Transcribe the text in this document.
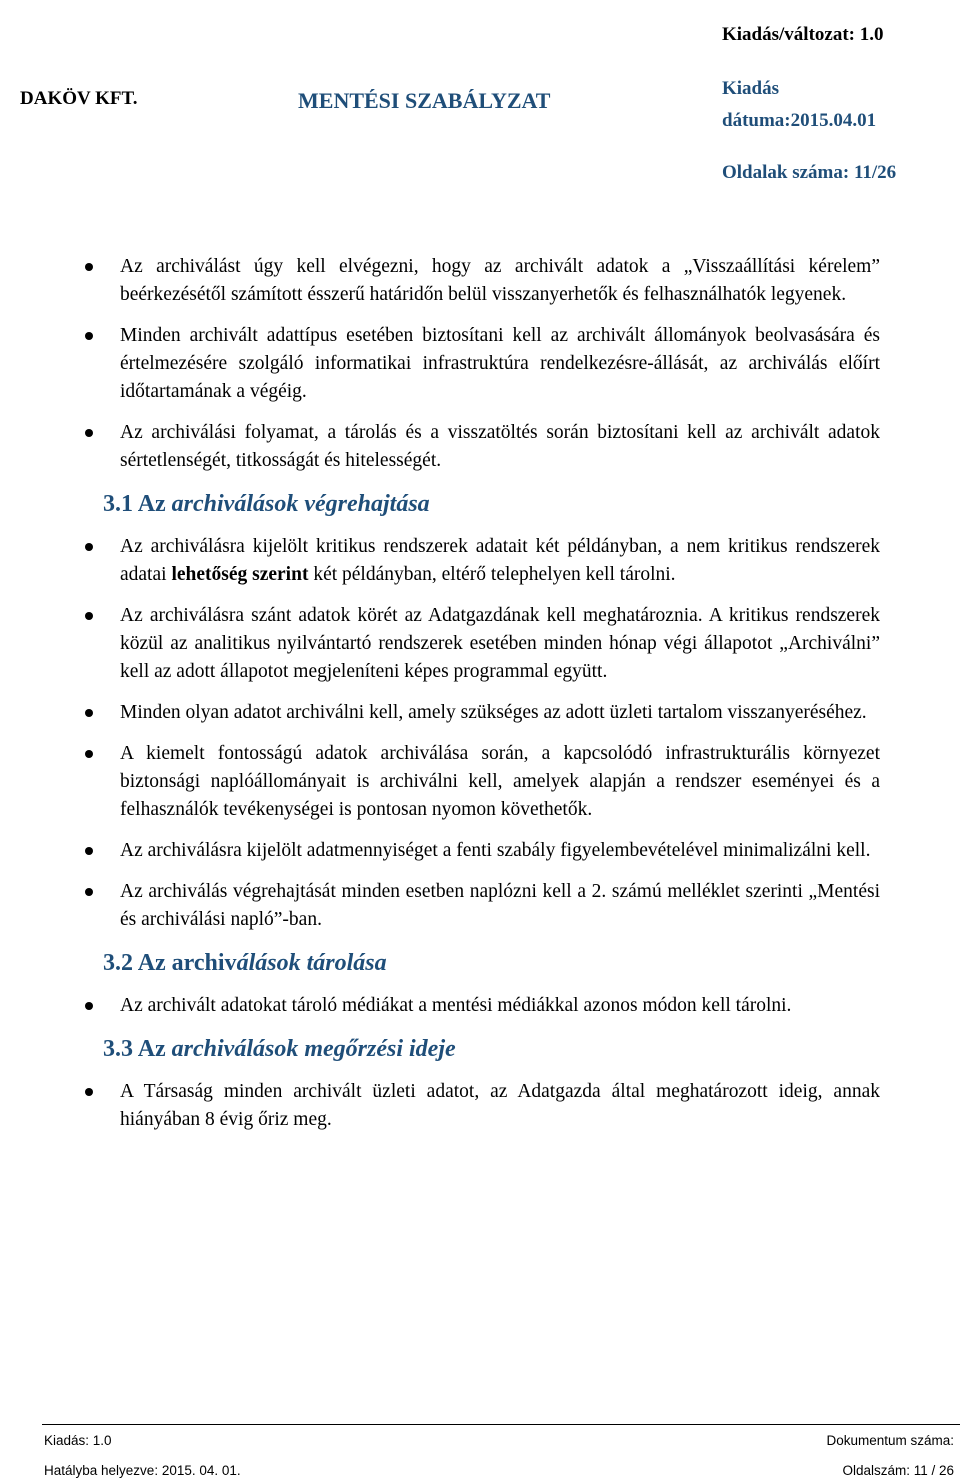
Kiadás/változat: 1.0
DAKÖV KFT.	MENTÉSI SZABÁLYZAT	Kiadás
dátuma:2015.04.01
Oldalak száma: 11/26
Az archiválást úgy kell elvégezni, hogy az archivált adatok a „Visszaállítási kérelem” beérkezésétől számított ésszerű határidőn belül visszanyerhetők és felhasználhatók legyenek.
Minden archivált adattípus esetében biztosítani kell az archivált állományok beolvasására és értelmezésére szolgáló informatikai infrastruktúra rendelkezésre-állását, az archiválás előírt időtartamának a végéig.
Az archiválási folyamat, a tárolás és a visszatöltés során biztosítani kell az archivált adatok sértetlenségét, titkosságát és hitelességét.
3.1 Az archiválások végrehajtása
Az archiválásra kijelölt kritikus rendszerek adatait két példányban, a nem kritikus rendszerek adatai lehetőség szerint két példányban, eltérő telephelyen kell tárolni.
Az archiválásra szánt adatok körét az Adatgazdának kell meghatároznia. A kritikus rendszerek közül az analitikus nyilvántartó rendszerek esetében minden hónap végi állapotot „Archiválni” kell az adott állapotot megjeleníteni képes programmal együtt.
Minden olyan adatot archiválni kell, amely szükséges az adott üzleti tartalom visszanyeréséhez.
A kiemelt fontosságú adatok archiválása során, a kapcsolódó infrastrukturális környezet biztonsági naplóállományait is archiválni kell, amelyek alapján a rendszer eseményei és a felhasználók tevékenységei is pontosan nyomon követhetők.
Az archiválásra kijelölt adatmennyiséget a fenti szabály figyelembevételével minimalizálni kell.
Az archiválás végrehajtását minden esetben naplózni kell a 2. számú melléklet szerinti „Mentési és archiválási napló”-ban.
3.2 Az archiválások tárolása
Az archivált adatokat tároló médiákat a mentési médiákkal azonos módon kell tárolni.
3.3 Az archiválások megőrzési ideje
A Társaság minden archivált üzleti adatot, az Adatgazda által meghatározott ideig, annak hiányában 8 évig őriz meg.
Kiadás: 1.0	Dokumentum száma:
Hatályba helyezve: 2015. 04. 01.	Oldalszám: 11 / 26
